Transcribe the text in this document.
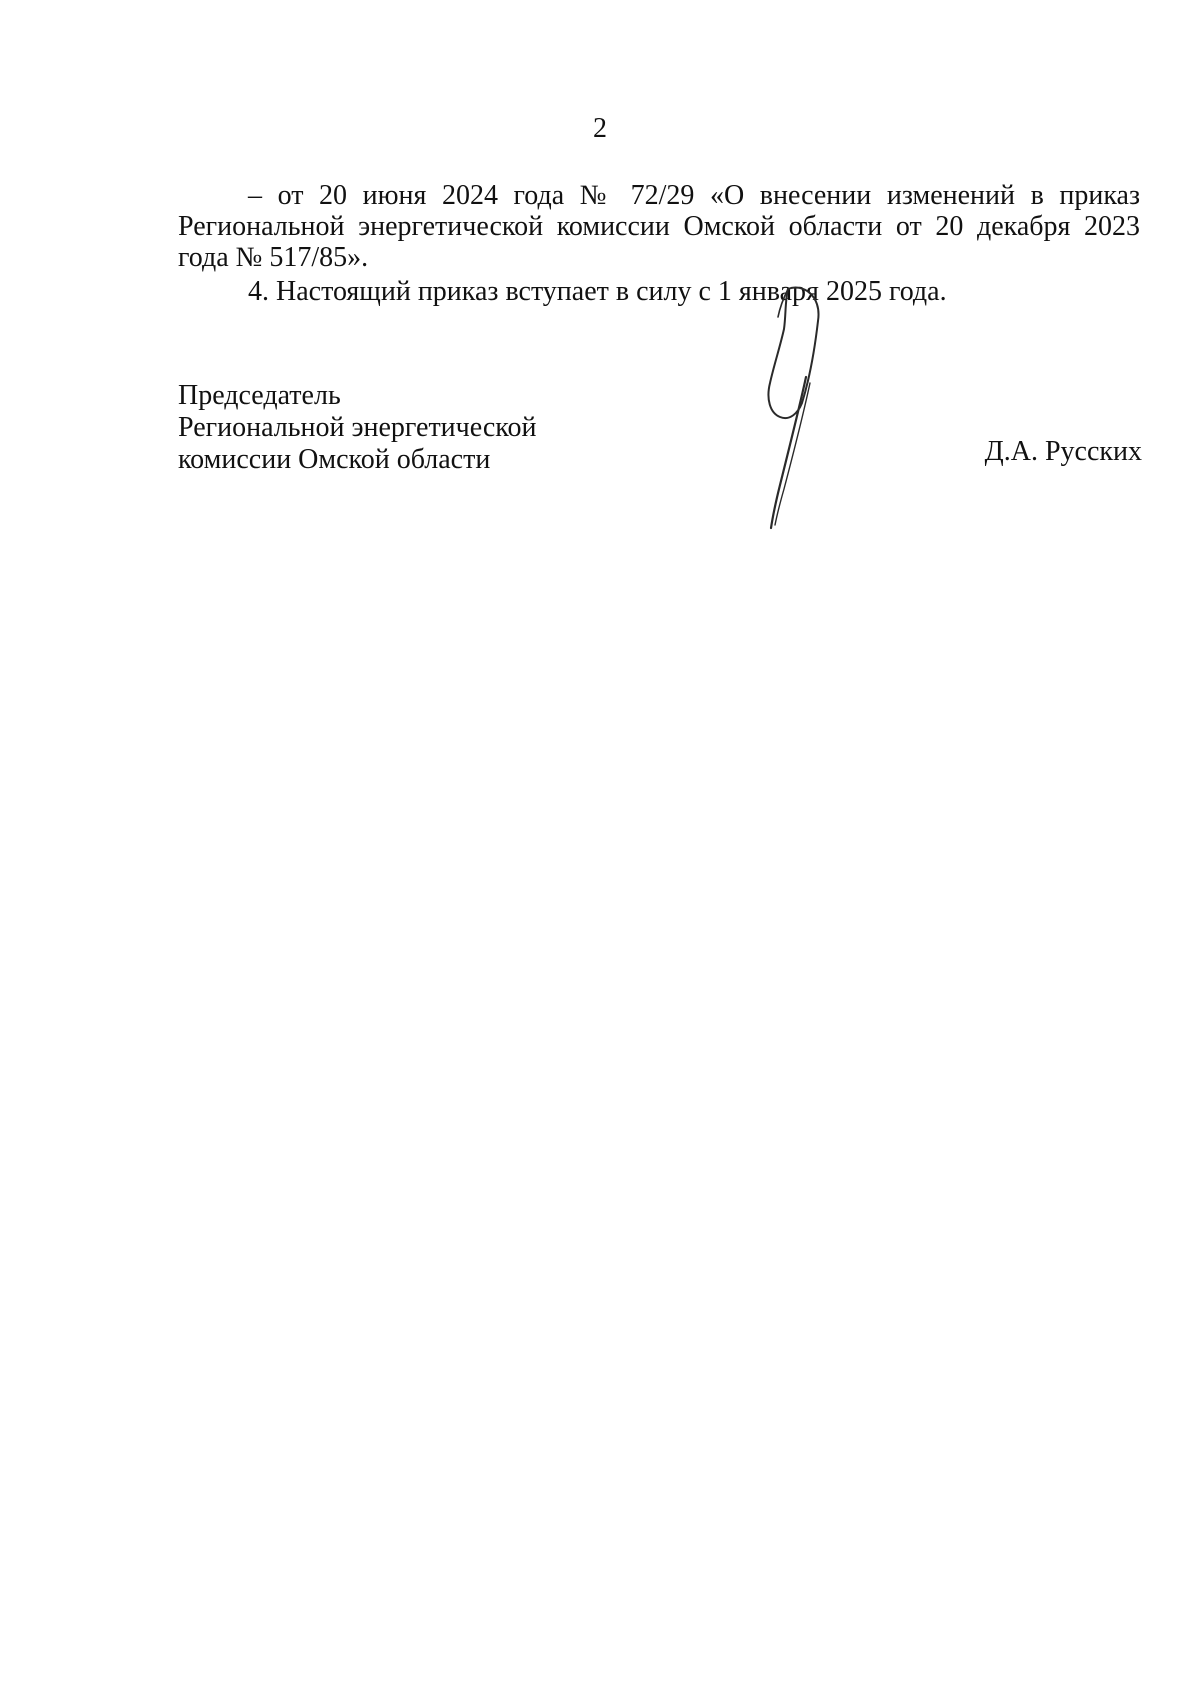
2
– от 20 июня 2024 года № 72/29 «О внесении изменений в приказ Региональной энергетической комиссии Омской области от 20 декабря 2023 года № 517/85».
4. Настоящий приказ вступает в силу с 1 января 2025 года.
Председатель
Региональной энергетической
комиссии Омской области	Д.А. Русских
